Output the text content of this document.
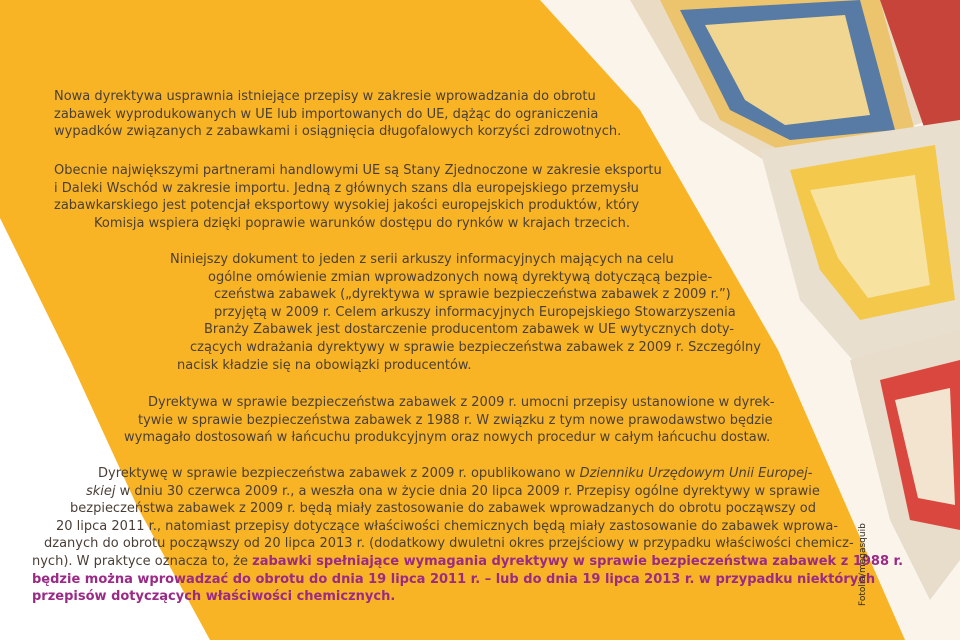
Nowa dyrektywa usprawnia istniejące przepisy w zakresie wprowadzania do obrotu
zabawek wyprodukowanych w UE lub importowanych do UE, dążąc do ograniczenia
wypadków związanych z zabawkami i osiągnięcia długofalowych korzyści zdrowotnych.
Obecnie największymi partnerami handlowymi UE są Stany Zjednoczone w zakresie eksportu
i Daleki Wschód w zakresie importu. Jedną z głównych szans dla europejskiego przemysłu
zabawkarskiego jest potencjał eksportowy wysokiej jakości europejskich produktów, który
Komisja wspiera dzięki poprawie warunków dostępu do rynków w krajach trzecich.
Niniejszy dokument to jeden z serii arkuszy informacyjnych mających na celu
ogólne omówienie zmian wprowadzonych nową dyrektywą dotyczącą bezpie-
czeństwa zabawek („dyrektywa w sprawie bezpieczeństwa zabawek z 2009 r.”)
przyjętą w 2009 r. Celem arkuszy informacyjnych Europejskiego Stowarzyszenia
Branży Zabawek jest dostarczenie producentom zabawek w UE wytycznych doty-
czących wdrażania dyrektywy w sprawie bezpieczeństwa zabawek z 2009 r. Szczególny
nacisk kładzie się na obowiązki producentów.
Dyrektywa w sprawie bezpieczeństwa zabawek z 2009 r. umocni przepisy ustanowione w dyrek-
tywie w sprawie bezpieczeństwa zabawek z 1988 r. W związku z tym nowe prawodawstwo będzie
wymagało dostosowań w łańcuchu produkcyjnym oraz nowych procedur w całym łańcuchu dostaw.
Dyrektywę w sprawie bezpieczeństwa zabawek z 2009 r. opublikowano w Dzienniku Urzędowym Unii Europej-
skiej w dniu 30 czerwca 2009 r., a weszła ona w życie dnia 20 lipca 2009 r. Przepisy ogólne dyrektywy w sprawie
bezpieczeństwa zabawek z 2009 r. będą miały zastosowanie do zabawek wprowadzanych do obrotu począwszy od
20 lipca 2011 r., natomiast przepisy dotyczące właściwości chemicznych będą miały zastosowanie do zabawek wprowa-
dzanych do obrotu począwszy od 20 lipca 2013 r. (dodatkowy dwuletni okres przejściowy w przypadku właściwości chemicz-
nych). W praktyce oznacza to, że zabawki spełniające wymagania dyrektywy w sprawie bezpieczeństwa zabawek z 1988 r.
będzie można wprowadzać do obrotu do dnia 19 lipca 2011 r. – lub do dnia 19 lipca 2013 r. w przypadku niektórych
przepisów dotyczących właściwości chemicznych.	Fotolia/megasquib
